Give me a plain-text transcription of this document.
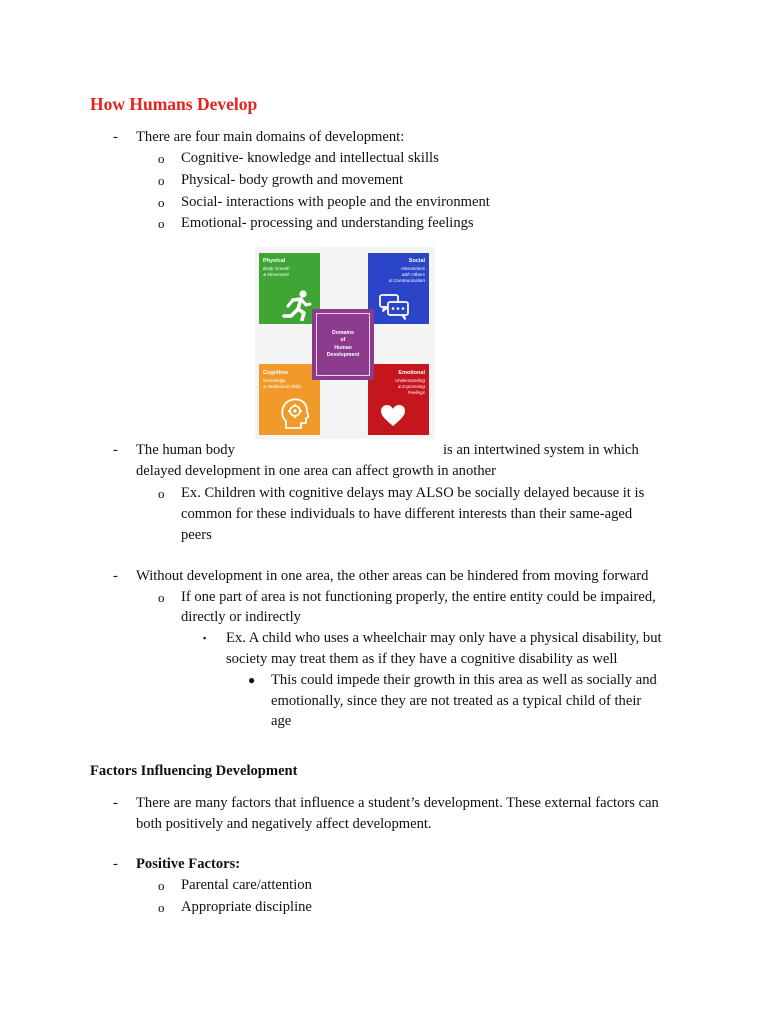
How Humans Develop
- There are four main domains of development:
o Cognitive- knowledge and intellectual skills
o Physical- body growth and movement
o Social- interactions with people and the environment
o Emotional- processing and understanding feelings
Physical
Body Growth
& Movement
Social
Interactions
with Others
& Communication
Cognitive
Knowledge
& Intellectual Skills
Emotional
Understanding
& Expressing
Feelings
Domains
of
Human
Development
- The human body	is an intertwined system in which
delayed development in one area can affect growth in another
o Ex. Children with cognitive delays may ALSO be socially delayed because it is
common for these individuals to have different interests than their same-aged
peers
- Without development in one area, the other areas can be hindered from moving forward
o If one part of area is not functioning properly, the entire entity could be impaired,
directly or indirectly
▪ Ex. A child who uses a wheelchair may only have a physical disability, but
society may treat them as if they have a cognitive disability as well
● This could impede their growth in this area as well as socially and
emotionally, since they are not treated as a typical child of their
age
Factors Influencing Development
- There are many factors that influence a student’s development. These external factors can
both positively and negatively affect development.
- Positive Factors:
o Parental care/attention
o Appropriate discipline
